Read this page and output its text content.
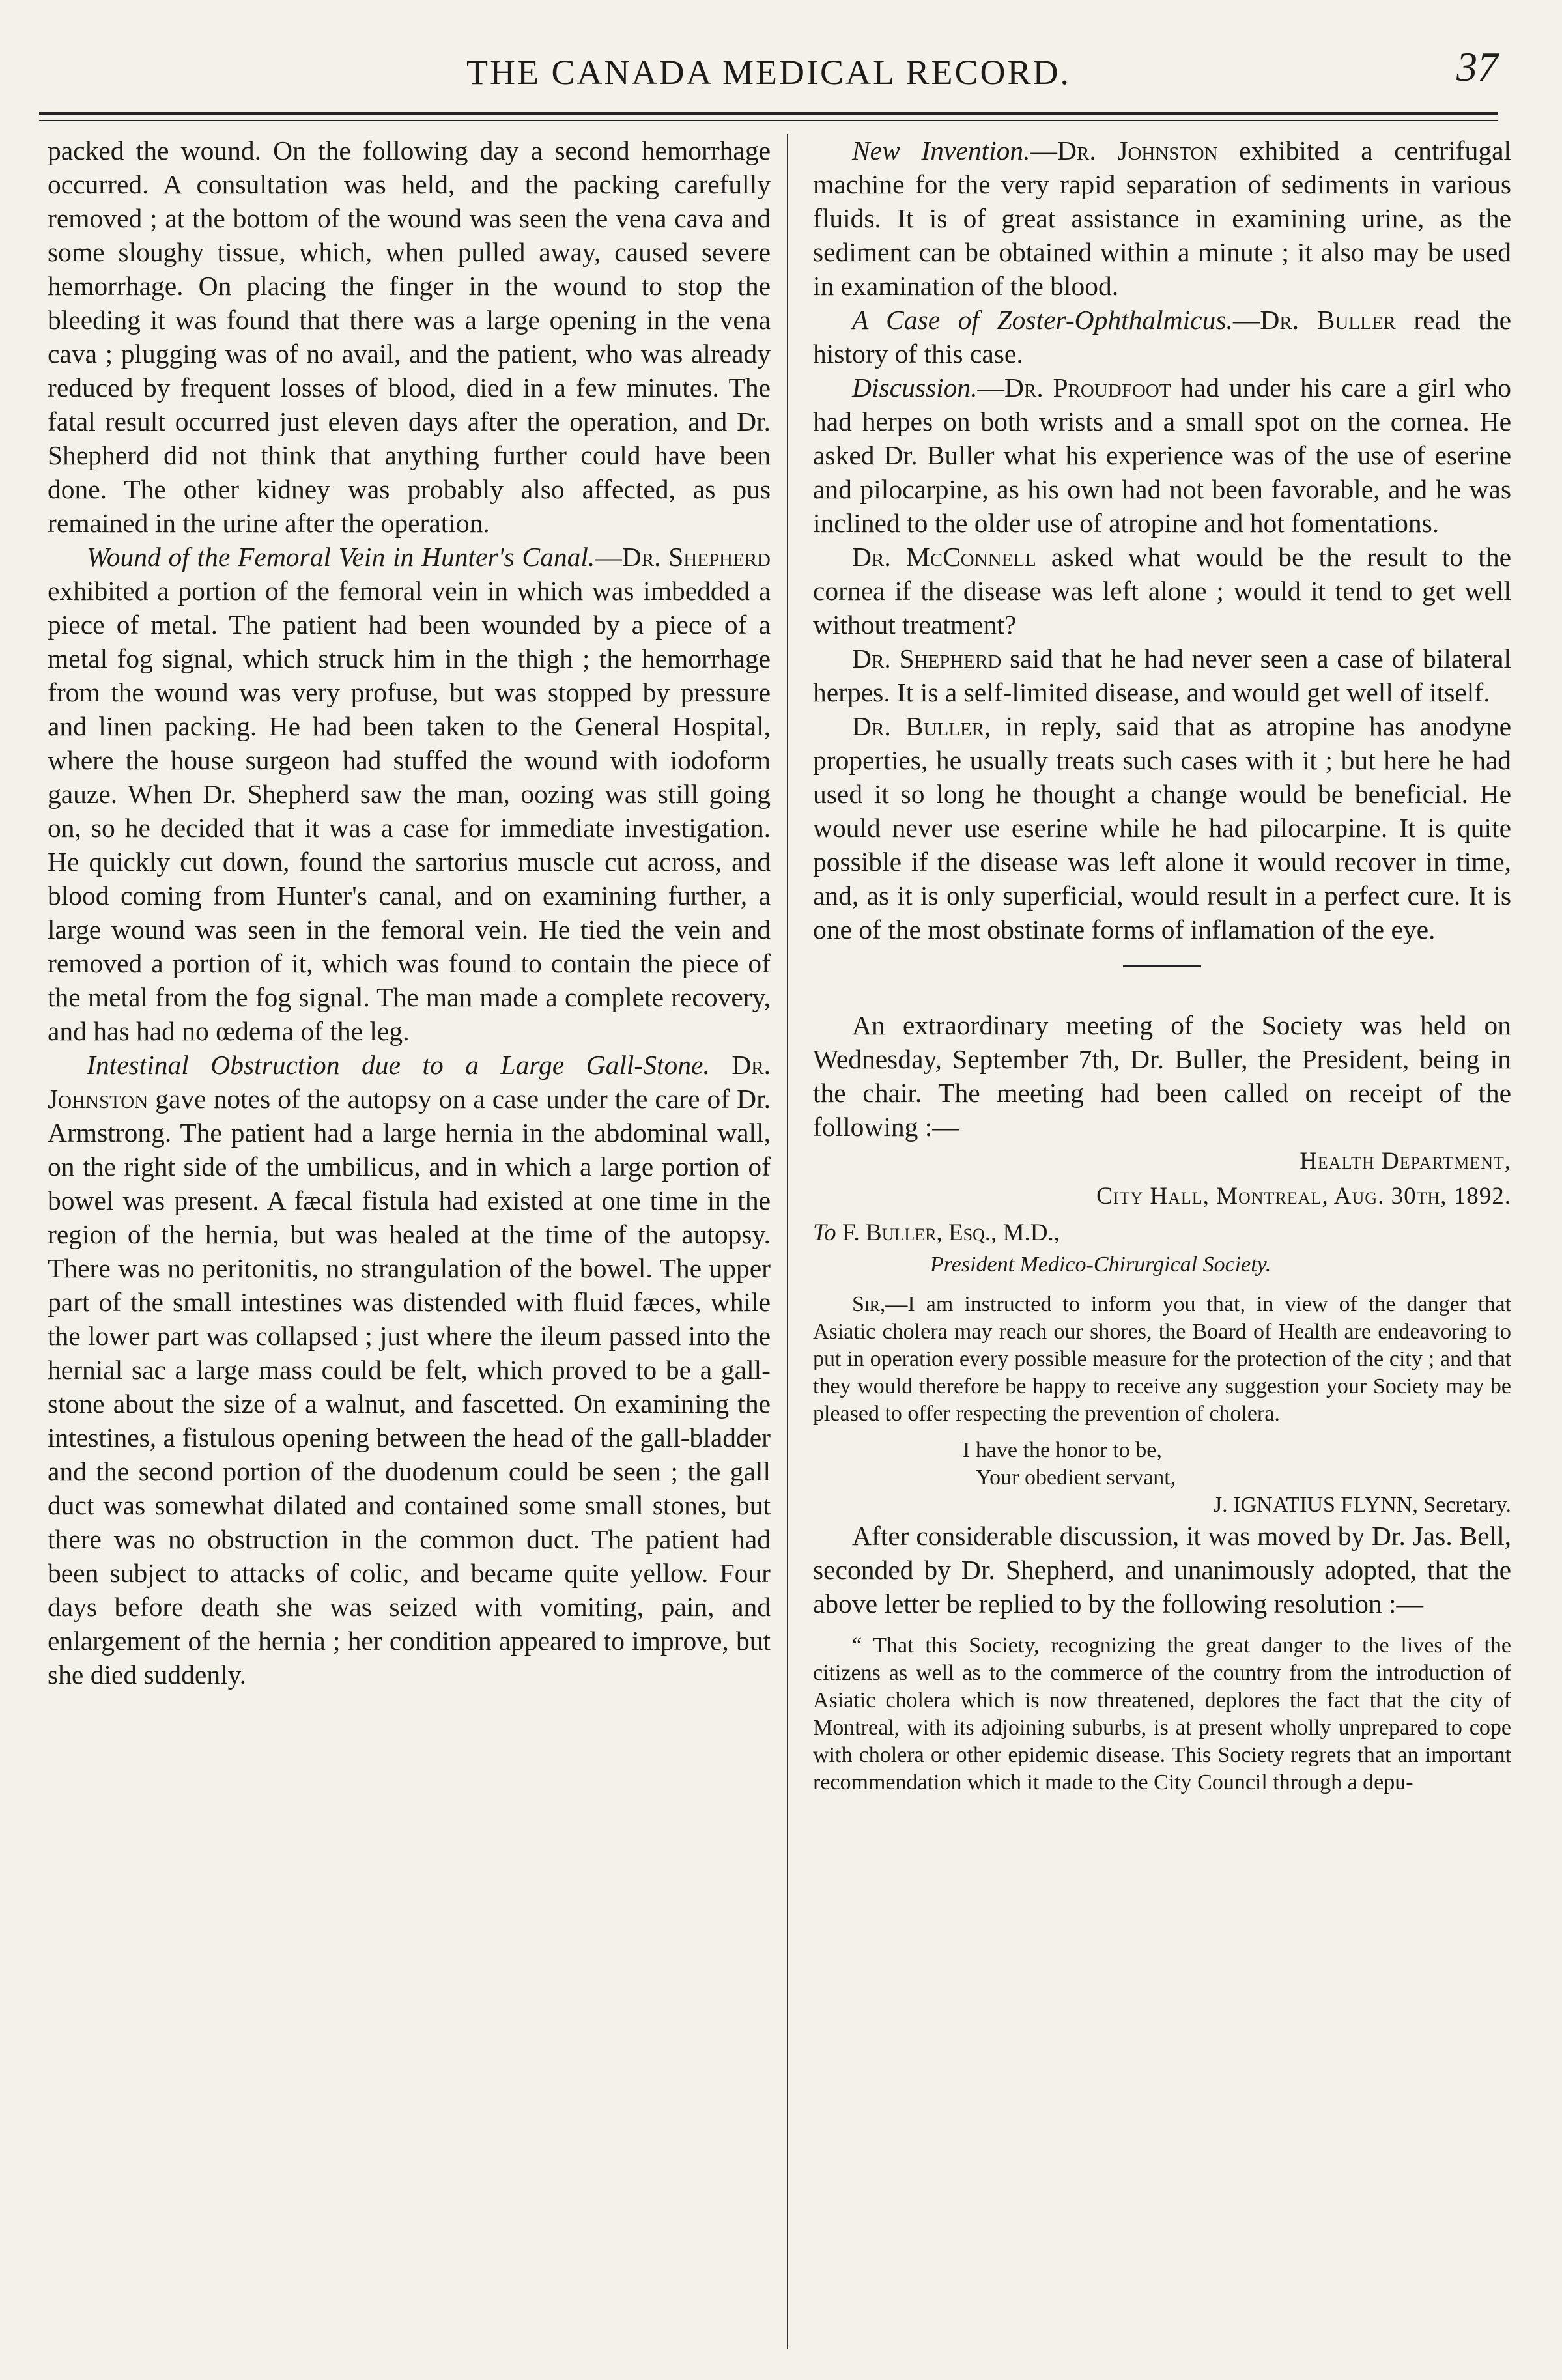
THE CANADA MEDICAL RECORD.	37

packed the wound. On the following day a second hemorrhage occurred. A consultation was held, and the packing carefully removed ; at the bottom of the wound was seen the vena cava and some sloughy tissue, which, when pulled away, caused severe hemorrhage. On placing the finger in the wound to stop the bleeding it was found that there was a large opening in the vena cava ; plugging was of no avail, and the patient, who was already reduced by frequent losses of blood, died in a few minutes. The fatal result occurred just eleven days after the operation, and Dr. Shepherd did not think that anything further could have been done. The other kidney was probably also affected, as pus remained in the urine after the operation.

Wound of the Femoral Vein in Hunter's Canal.—Dr. Shepherd exhibited a portion of the femoral vein in which was imbedded a piece of metal. The patient had been wounded by a piece of a metal fog signal, which struck him in the thigh ; the hemorrhage from the wound was very profuse, but was stopped by pressure and linen packing. He had been taken to the General Hospital, where the house surgeon had stuffed the wound with iodoform gauze. When Dr. Shepherd saw the man, oozing was still going on, so he decided that it was a case for immediate investigation. He quickly cut down, found the sartorius muscle cut across, and blood coming from Hunter's canal, and on examining further, a large wound was seen in the femoral vein. He tied the vein and removed a portion of it, which was found to contain the piece of the metal from the fog signal. The man made a complete recovery, and has had no œdema of the leg.

Intestinal Obstruction due to a Large Gall-Stone. Dr. Johnston gave notes of the autopsy on a case under the care of Dr. Armstrong. The patient had a large hernia in the abdominal wall, on the right side of the umbilicus, and in which a large portion of bowel was present. A fæcal fistula had existed at one time in the region of the hernia, but was healed at the time of the autopsy. There was no peritonitis, no strangulation of the bowel. The upper part of the small intestines was distended with fluid fæces, while the lower part was collapsed ; just where the ileum passed into the hernial sac a large mass could be felt, which proved to be a gall-stone about the size of a walnut, and fascetted. On examining the intestines, a fistulous opening between the head of the gall-bladder and the second portion of the duodenum could be seen ; the gall duct was somewhat dilated and contained some small stones, but there was no obstruction in the common duct. The patient had been subject to attacks of colic, and became quite yellow. Four days before death she was seized with vomiting, pain, and enlargement of the hernia ; her condition appeared to improve, but she died suddenly.

New Invention.—Dr. Johnston exhibited a centrifugal machine for the very rapid separation of sediments in various fluids. It is of great assistance in examining urine, as the sediment can be obtained within a minute ; it also may be used in examination of the blood.

A Case of Zoster-Ophthalmicus.—Dr. Buller read the history of this case.

Discussion.—Dr. Proudfoot had under his care a girl who had herpes on both wrists and a small spot on the cornea. He asked Dr. Buller what his experience was of the use of eserine and pilocarpine, as his own had not been favorable, and he was inclined to the older use of atropine and hot fomentations.

Dr. McConnell asked what would be the result to the cornea if the disease was left alone ; would it tend to get well without treatment?

Dr. Shepherd said that he had never seen a case of bilateral herpes. It is a self-limited disease, and would get well of itself.

Dr. Buller, in reply, said that as atropine has anodyne properties, he usually treats such cases with it ; but here he had used it so long he thought a change would be beneficial. He would never use eserine while he had pilocarpine. It is quite possible if the disease was left alone it would recover in time, and, as it is only superficial, would result in a perfect cure. It is one of the most obstinate forms of inflamation of the eye.

An extraordinary meeting of the Society was held on Wednesday, September 7th, Dr. Buller, the President, being in the chair. The meeting had been called on receipt of the following :—

Health Department,
City Hall, Montreal, Aug. 30th, 1892.
To F. Buller, Esq., M.D.,
President Medico-Chirurgical Society.

Sir,—I am instructed to inform you that, in view of the danger that Asiatic cholera may reach our shores, the Board of Health are endeavoring to put in operation every possible measure for the protection of the city ; and that they would therefore be happy to receive any suggestion your Society may be pleased to offer respecting the prevention of cholera.

I have the honor to be,
Your obedient servant,
J. IGNATIUS FLYNN, Secretary.

After considerable discussion, it was moved by Dr. Jas. Bell, seconded by Dr. Shepherd, and unanimously adopted, that the above letter be replied to by the following resolution :—

“ That this Society, recognizing the great danger to the lives of the citizens as well as to the commerce of the country from the introduction of Asiatic cholera which is now threatened, deplores the fact that the city of Montreal, with its adjoining suburbs, is at present wholly unprepared to cope with cholera or other epidemic disease. This Society regrets that an important recommendation which it made to the City Council through a depu-
